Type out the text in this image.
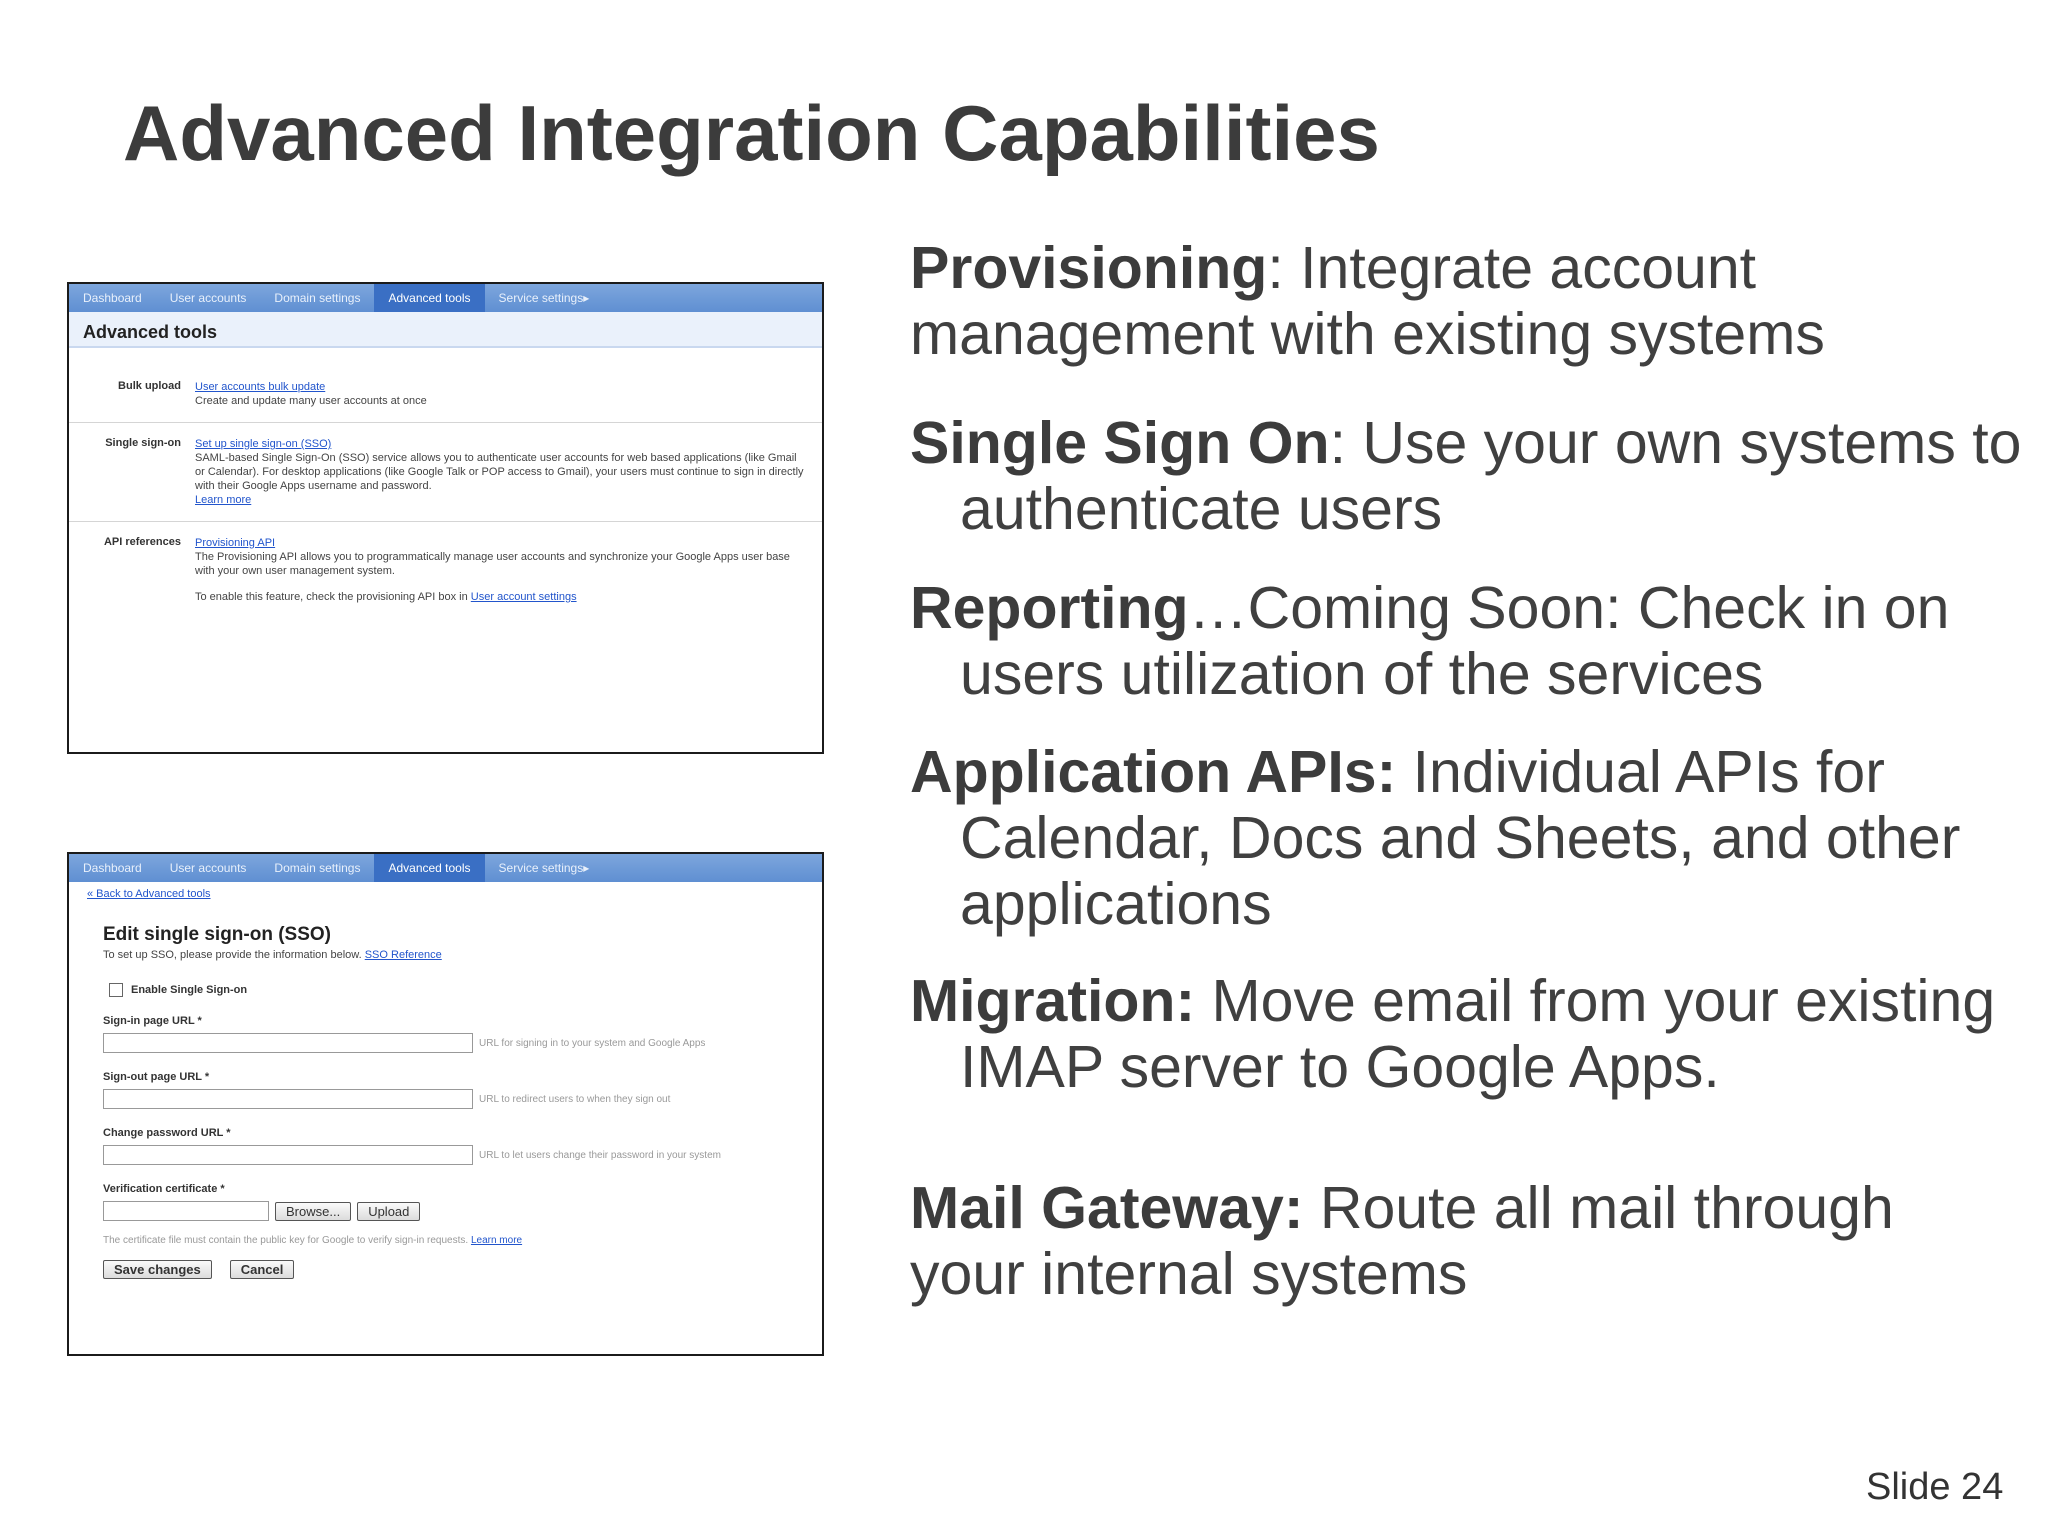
Advanced Integration Capabilities
Dashboard	User accounts	Domain settings	Advanced tools	Service settings▸
Advanced tools
Bulk upload	User accounts bulk update
Create and update many user accounts at once
Single sign-on	Set up single sign-on (SSO)
SAML-based Single Sign-On (SSO) service allows you to authenticate user accounts for web based applications (like Gmail or Calendar). For desktop applications (like Google Talk or POP access to Gmail), your users must continue to sign in directly with their Google Apps username and password.
Learn more
API references	Provisioning API
The Provisioning API allows you to programmatically manage user accounts and synchronize your Google Apps user base with your own user management system.
To enable this feature, check the provisioning API box in User account settings
Dashboard	User accounts	Domain settings	Advanced tools	Service settings▸
« Back to Advanced tools
Edit single sign-on (SSO)
To set up SSO, please provide the information below. SSO Reference
Enable Single Sign-on
Sign-in page URL *
URL for signing in to your system and Google Apps
Sign-out page URL *
URL to redirect users to when they sign out
Change password URL *
URL to let users change their password in your system
Verification certificate *
Browse...	Upload
The certificate file must contain the public key for Google to verify sign-in requests. Learn more
Save changes	Cancel

Provisioning: Integrate account
management with existing systems

Single Sign On: Use your own systems to
authenticate users

Reporting…Coming Soon: Check in on
users utilization of the services

Application APIs: Individual APIs for
Calendar, Docs and Sheets, and other
applications

Migration: Move email from your existing
IMAP server to Google Apps.

Mail Gateway: Route all mail through
your internal systems

Slide 24
